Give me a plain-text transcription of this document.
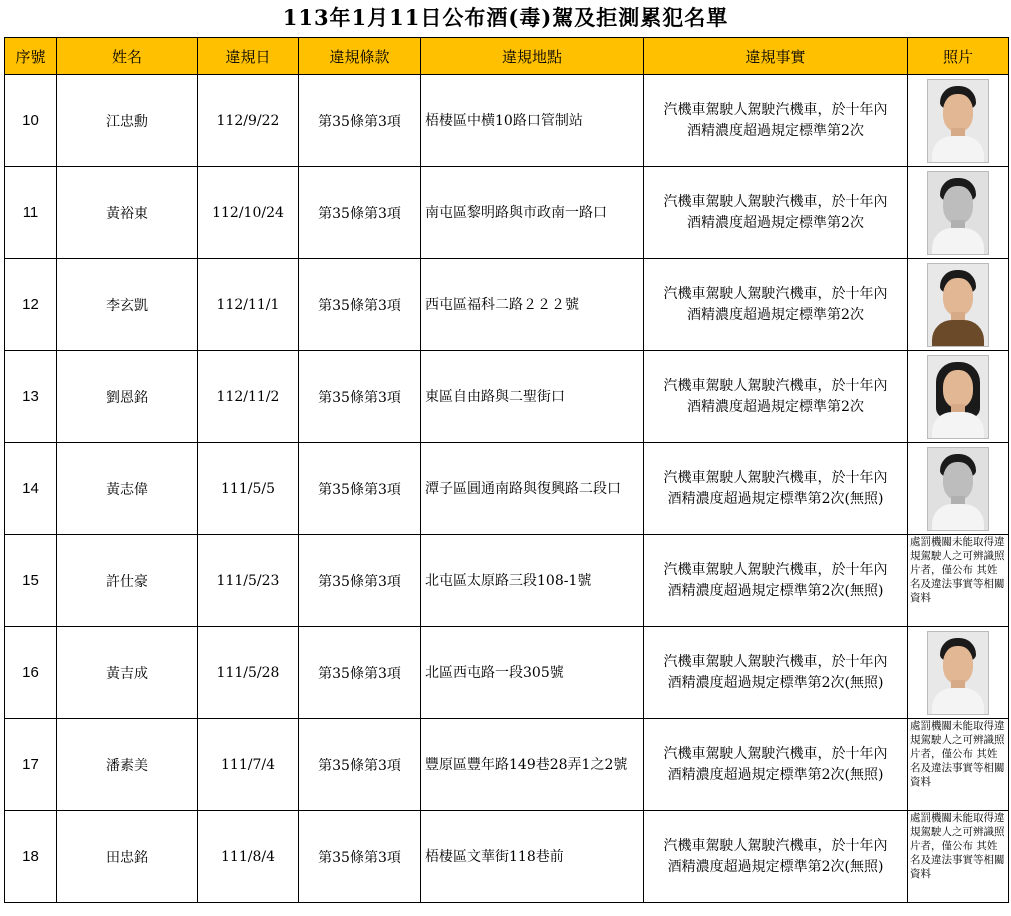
113年1月11日公布酒(毒)駕及拒測累犯名單
序號	姓名	違規日	違規條款	違規地點	違規事實	照片
10	江忠勳	112/9/22	第35條第3項	梧棲區中横10路口管制站	汽機車駕駛人駕駛汽機車，於十年內
酒精濃度超過規定標準第2次	

11	黃裕東	112/10/24	第35條第3項	南屯區黎明路與市政南一路口	汽機車駕駛人駕駛汽機車，於十年內
酒精濃度超過規定標準第2次	

12	李玄凱	112/11/1	第35條第3項	西屯區福科二路２２２號	汽機車駕駛人駕駛汽機車，於十年內
酒精濃度超過規定標準第2次	

13	劉恩銘	112/11/2	第35條第3項	東區自由路與二聖街口	汽機車駕駛人駕駛汽機車，於十年內
酒精濃度超過規定標準第2次	

14	黃志偉	111/5/5	第35條第3項	潭子區圓通南路與復興路二段口	汽機車駕駛人駕駛汽機車，於十年內
酒精濃度超過規定標準第2次(無照)	

15	許仕豪	111/5/23	第35條第3項	北屯區太原路三段108-1號	汽機車駕駛人駕駛汽機車，於十年內
酒精濃度超過規定標準第2次(無照)	處罰機關未能取得違規駕駛人之可辨識照片者，僅公布 其姓名及違法事實等相關資料

16	黃吉成	111/5/28	第35條第3項	北區西屯路一段305號	汽機車駕駛人駕駛汽機車，於十年內
酒精濃度超過規定標準第2次(無照)	

17	潘素美	111/7/4	第35條第3項	豐原區豐年路149巷28弄1之2號	汽機車駕駛人駕駛汽機車，於十年內
酒精濃度超過規定標準第2次(無照)	處罰機關未能取得違規駕駛人之可辨識照片者，僅公布 其姓名及違法事實等相關資料

18	田忠銘	111/8/4	第35條第3項	梧棲區文華街118巷前	汽機車駕駛人駕駛汽機車，於十年內
酒精濃度超過規定標準第2次(無照)	處罰機關未能取得違規駕駛人之可辨識照片者，僅公布 其姓名及違法事實等相關資料
